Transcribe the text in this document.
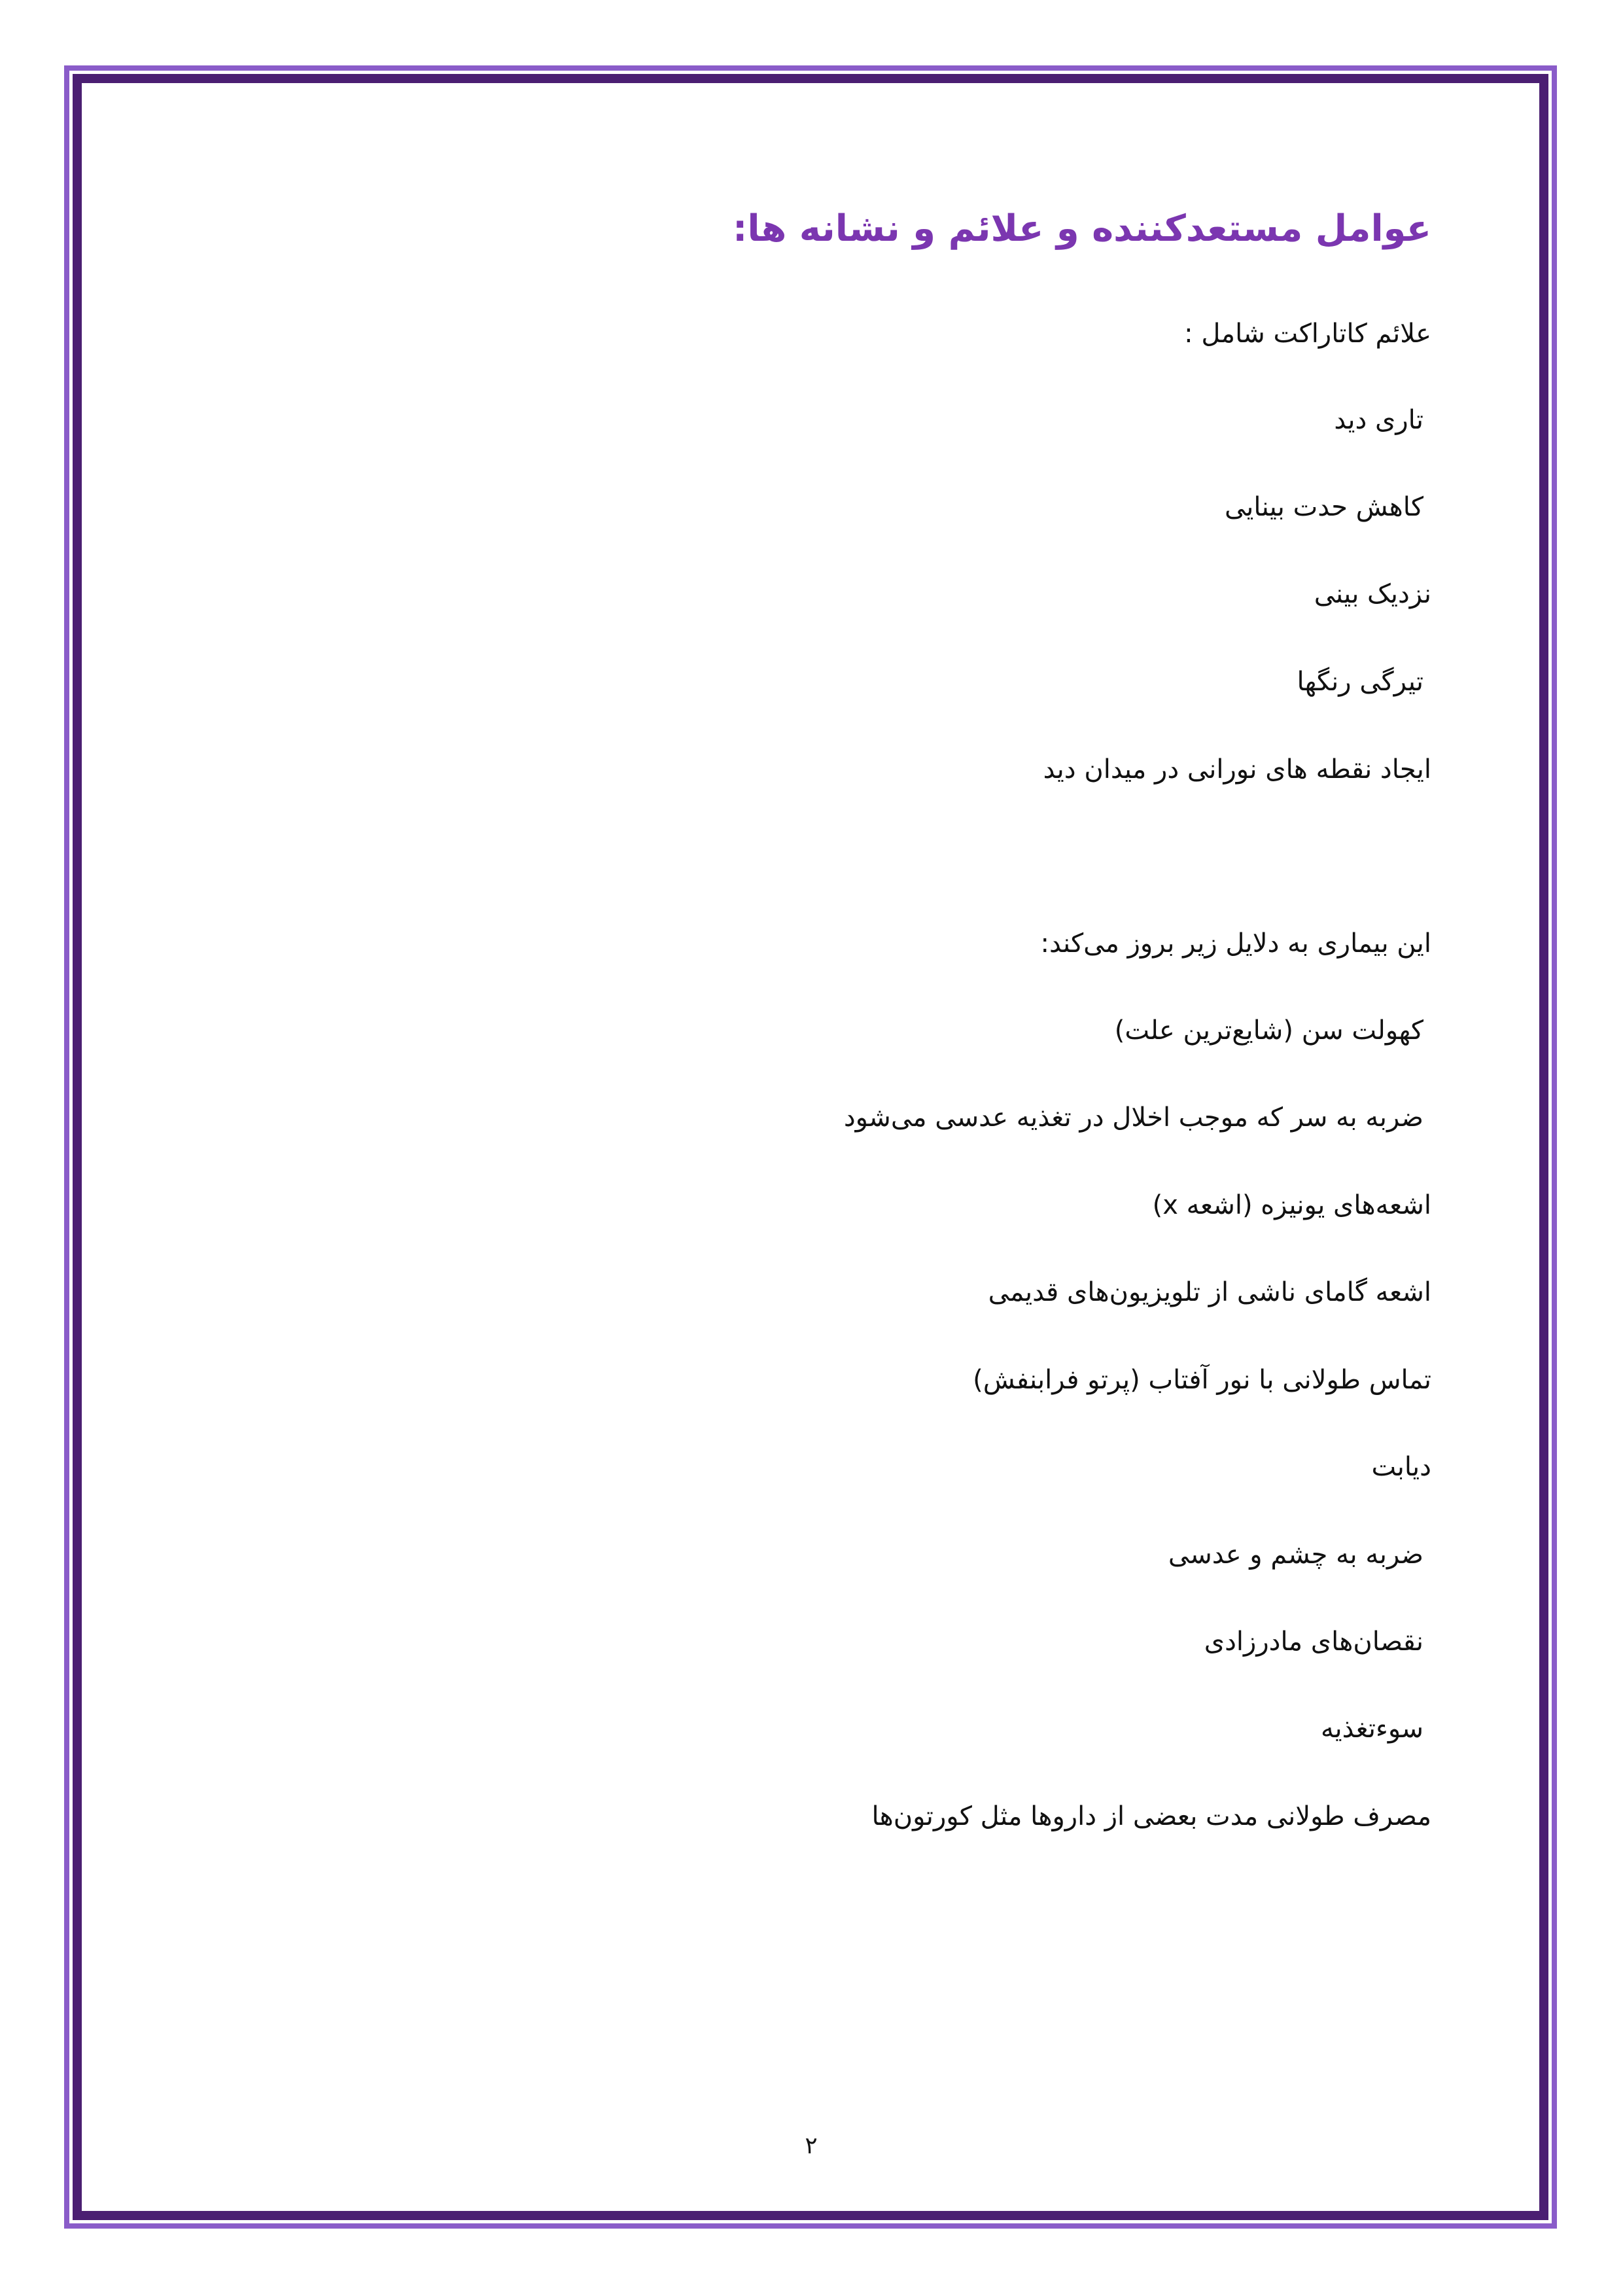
عوامل مستعدکننده و علائم و نشانه ها:

علائم کاتاراکت شامل :

تاری دید

کاهش حدت بینایی

نزدیک بینی

تیرگی رنگها

ایجاد نقطه های نورانی در میدان دید

این بیماری به دلایل زیر بروز می‌کند:

کهولت سن (شایع‌ترین علت)

ضربه به سر که موجب اخلال در تغذیه عدسی می‌شود

اشعه‌های یونیزه (اشعه x)

اشعه گامای ناشی از تلویزیون‌های قدیمی

تماس طولانی با نور آفتاب (پرتو فرابنفش)

دیابت

ضربه به چشم و عدسی

نقصان‌های مادرزادی

سوءتغذیه

مصرف طولانی مدت بعضی از داروها مثل کورتون‌ها

۲
